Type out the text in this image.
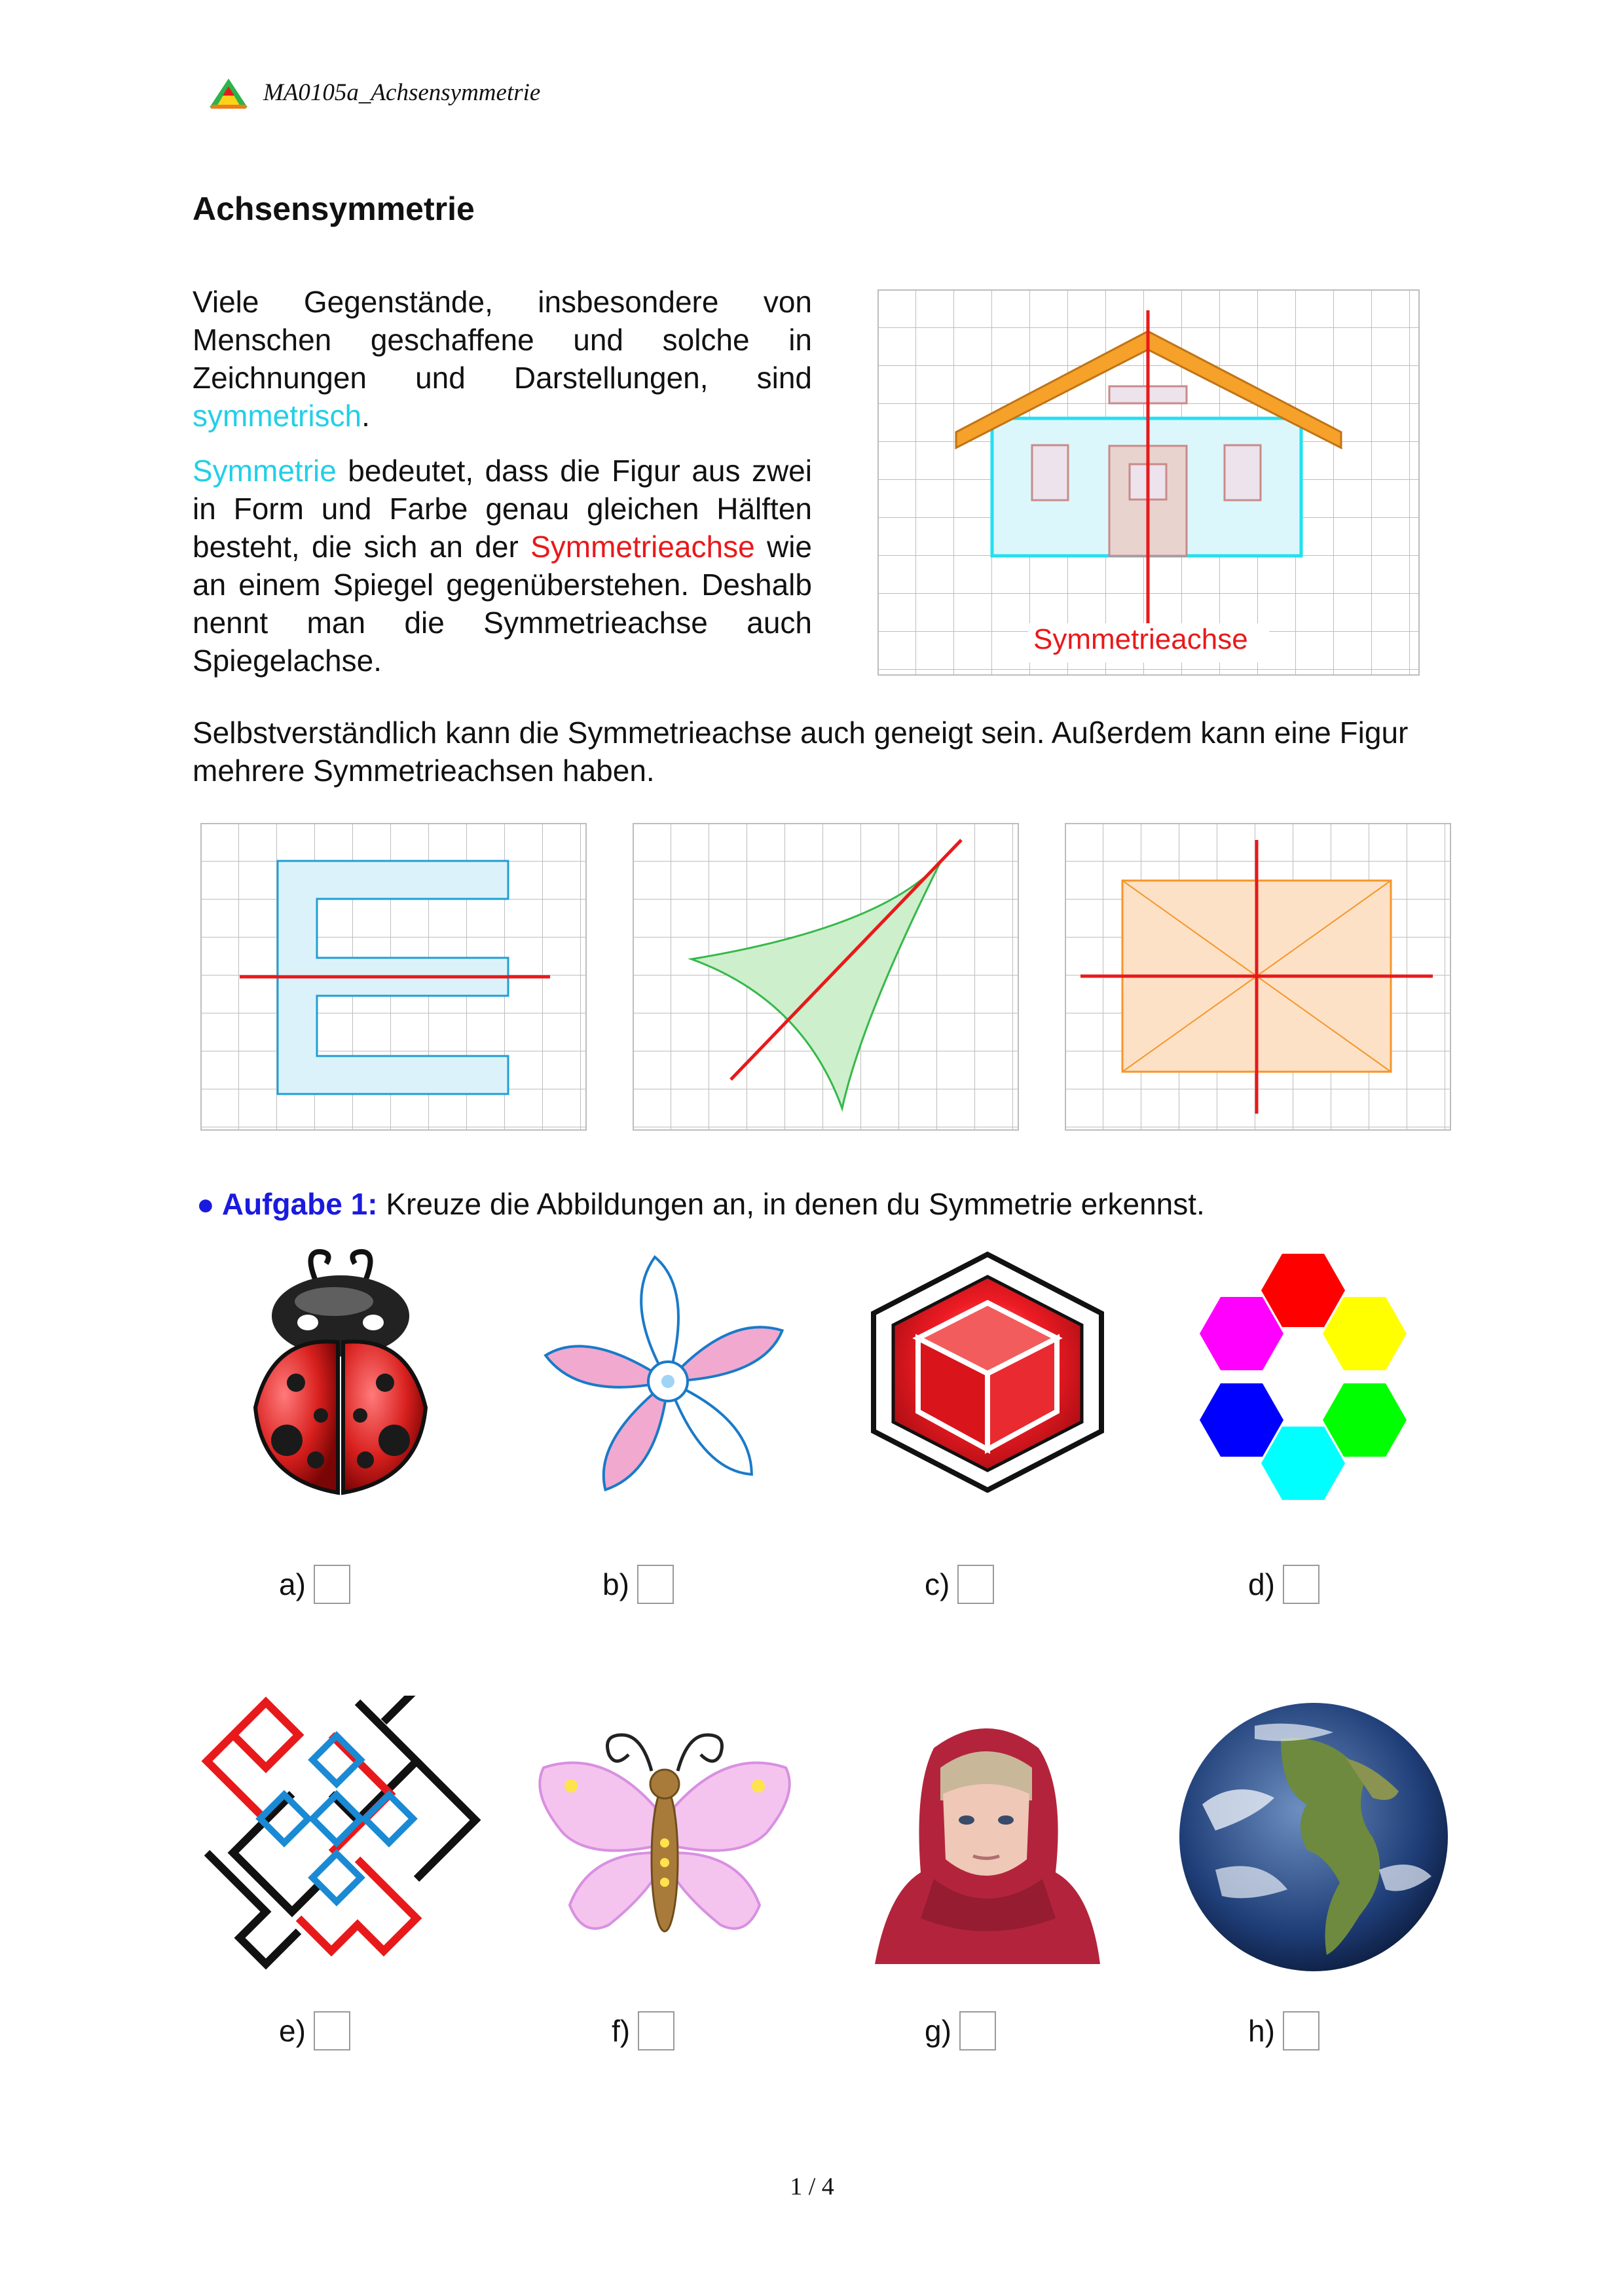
MA0105a_Achsensymmetrie
Achsensymmetrie

Viele Gegenstände, insbesondere von Menschen geschaffene und solche in Zeichnungen und Darstellungen, sind symmetrisch.

Symmetrie bedeutet, dass die Figur aus zwei in Form und Farbe genau gleichen Hälften besteht, die sich an der Symmetrieachse wie an einem Spiegel gegenüberstehen. Deshalb nennt man die Symmetrieachse auch Spiegelachse.

Symmetrieachse
Selbstverständlich kann die Symmetrieachse auch geneigt sein. Außerdem kann eine Figur mehrere Symmetrieachsen haben.
● Aufgabe 1: Kreuze die Abbildungen an, in denen du Symmetrie erkennst.
a)	b)	c)	d)
e)	f)	g)	h)
1 / 4
